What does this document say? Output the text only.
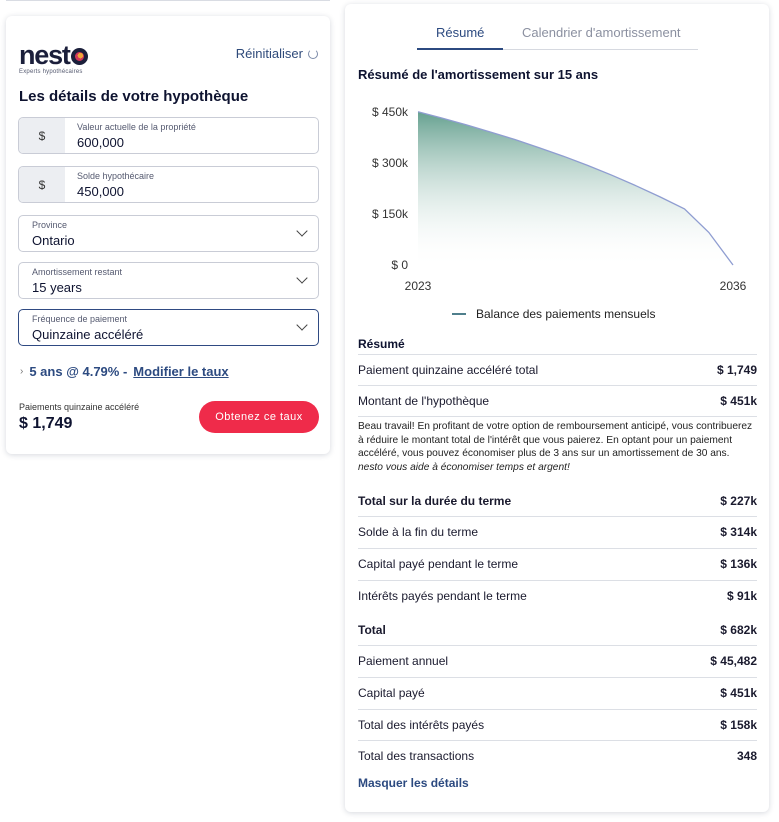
nest
Experts hypothécaires
Réinitialiser
Les détails de votre hypothèque
$
Valeur actuelle de la propriété
600,000
$
Solde hypothécaire
450,000
Province
Ontario
Amortissement restant
15 years
Fréquence de paiement
Quinzaine accéléré
› 5 ans @ 4.79% - Modifier le taux
Paiements quinzaine accéléré
$ 1,749	Obtenez ce taux
Résumé	Calendrier d'amortissement
Résumé de l'amortissement sur 15 ans
$ 0
$ 150k
$ 300k
$ 450k
2023	2036
Balance des paiements mensuels
Résumé
Paiement quinzaine accéléré total	$ 1,749
Montant de l'hypothèque	$ 451k
Beau travail! En profitant de votre option de remboursement anticipé, vous contribuerez à réduire le montant total de l'intérêt que vous paierez. En optant pour un paiement accéléré, vous pouvez économiser plus de 3 ans sur un amortissement de 30 ans. nesto vous aide à économiser temps et argent!
Total sur la durée du terme	$ 227k
Solde à la fin du terme	$ 314k
Capital payé pendant le terme	$ 136k
Intérêts payés pendant le terme	$ 91k
Total	$ 682k
Paiement annuel	$ 45,482
Capital payé	$ 451k
Total des intérêts payés	$ 158k
Total des transactions	348
Masquer les détails
